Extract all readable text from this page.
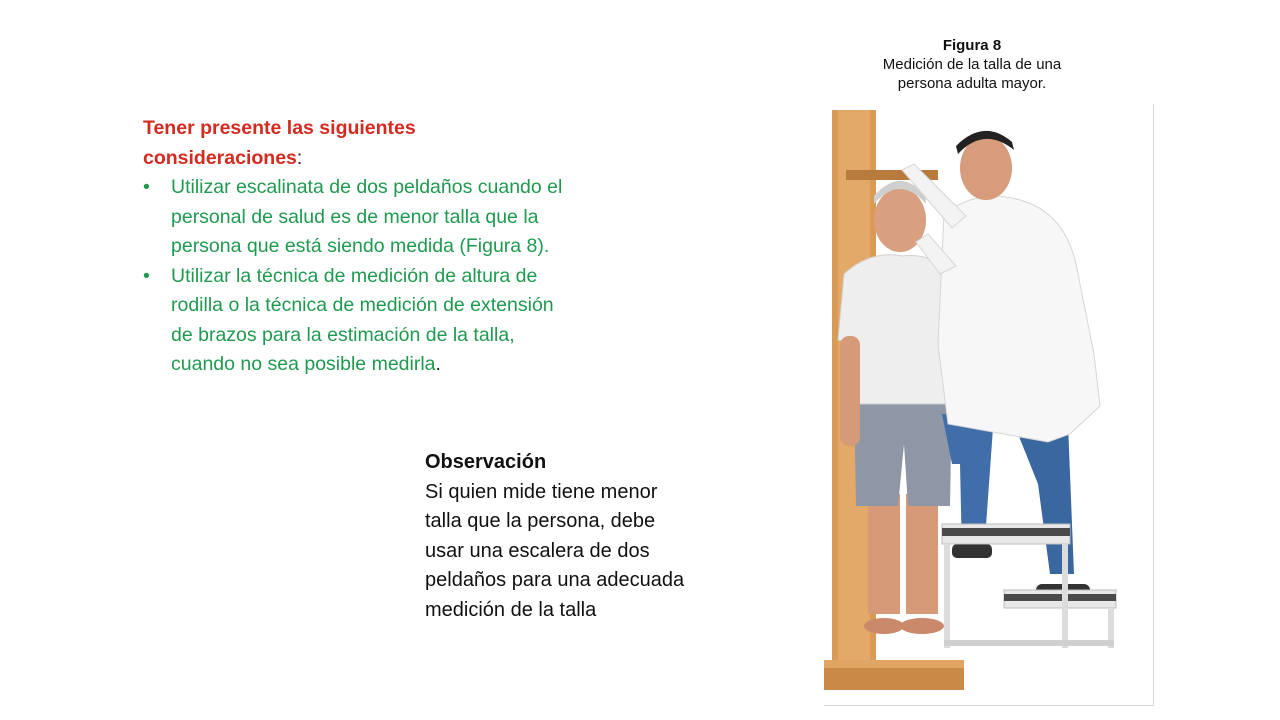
Figura 8
Medición de la talla de una
persona adulta mayor.
Tener presente las siguientes
consideraciones:
• Utilizar escalinata de dos peldaños cuando el
personal de salud es de menor talla que la
persona que está siendo medida (Figura 8).
• Utilizar la técnica de medición de altura de
rodilla o la técnica de medición de extensión
de brazos para la estimación de la talla,
cuando no sea posible medirla.
Observación
Si quien mide tiene menor
talla que la persona, debe
usar una escalera de dos
peldaños para una adecuada
medición de la talla
